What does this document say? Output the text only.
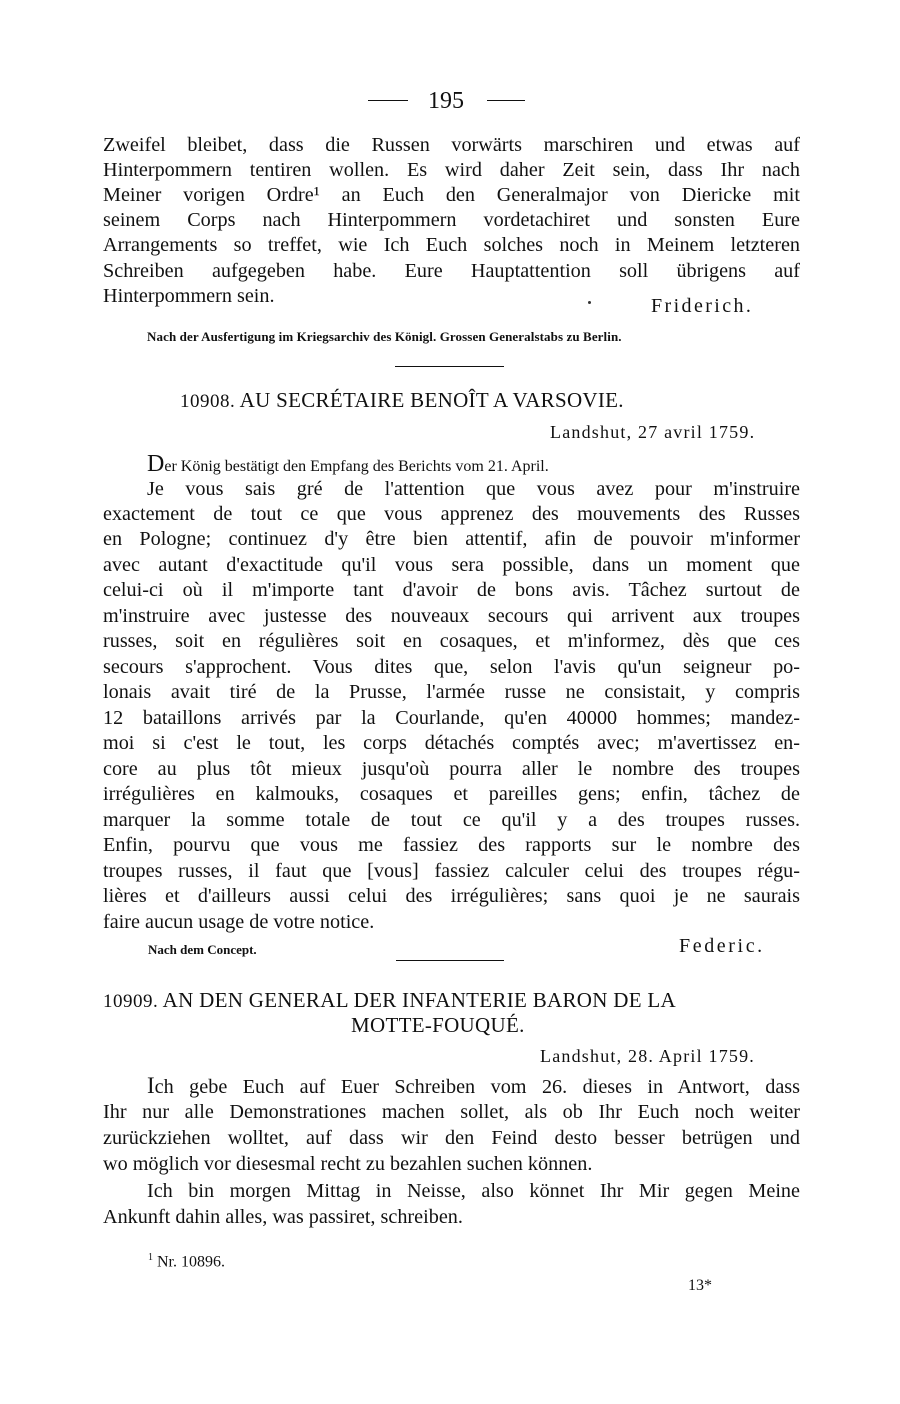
195
Zweifel bleibet, dass die Russen vorwärts marschiren und etwas auf
Hinterpommern tentiren wollen. Es wird daher Zeit sein, dass Ihr nach
Meiner vorigen Ordre¹ an Euch den Generalmajor von Diericke mit
seinem Corps nach Hinterpommern vordetachiret und sonsten Eure
Arrangements so treffet, wie Ich Euch solches noch in Meinem letzteren
Schreiben aufgegeben habe. Eure Hauptattention soll übrigens auf
Hinterpommern sein.	Friderich.
Nach der Ausfertigung im Kriegsarchiv des Königl. Grossen Generalstabs zu Berlin.
10908. AU SECRÉTAIRE BENOÎT A VARSOVIE.
Landshut, 27 avril 1759.
Der König bestätigt den Empfang des Berichts vom 21. April.
Je vous sais gré de l'attention que vous avez pour m'instruire
exactement de tout ce que vous apprenez des mouvements des Russes
en Pologne; continuez d'y être bien attentif, afin de pouvoir m'informer
avec autant d'exactitude qu'il vous sera possible, dans un moment que
celui-ci où il m'importe tant d'avoir de bons avis. Tâchez surtout de
m'instruire avec justesse des nouveaux secours qui arrivent aux troupes
russes, soit en régulières soit en cosaques, et m'informez, dès que ces
secours s'approchent. Vous dites que, selon l'avis qu'un seigneur po-
lonais avait tiré de la Prusse, l'armée russe ne consistait, y compris
12 bataillons arrivés par la Courlande, qu'en 40000 hommes; mandez-
moi si c'est le tout, les corps détachés comptés avec; m'avertissez en-
core au plus tôt mieux jusqu'où pourra aller le nombre des troupes
irrégulières en kalmouks, cosaques et pareilles gens; enfin, tâchez de
marquer la somme totale de tout ce qu'il y a des troupes russes.
Enfin, pourvu que vous me fassiez des rapports sur le nombre des
troupes russes, il faut que [vous] fassiez calculer celui des troupes régu-
lières et d'ailleurs aussi celui des irrégulières; sans quoi je ne saurais
faire aucun usage de votre notice.
Nach dem Concept.	Federic.
10909. AN DEN GENERAL DER INFANTERIE BARON DE LA
MOTTE-FOUQUÉ.
Landshut, 28. April 1759.
Ich gebe Euch auf Euer Schreiben vom 26. dieses in Antwort, dass
Ihr nur alle Demonstrationes machen sollet, als ob Ihr Euch noch weiter
zurückziehen wolltet, auf dass wir den Feind desto besser betrügen und
wo möglich vor diesesmal recht zu bezahlen suchen können.
Ich bin morgen Mittag in Neisse, also könnet Ihr Mir gegen Meine
Ankunft dahin alles, was passiret, schreiben.
$^1$ Nr. 10896.
13*
